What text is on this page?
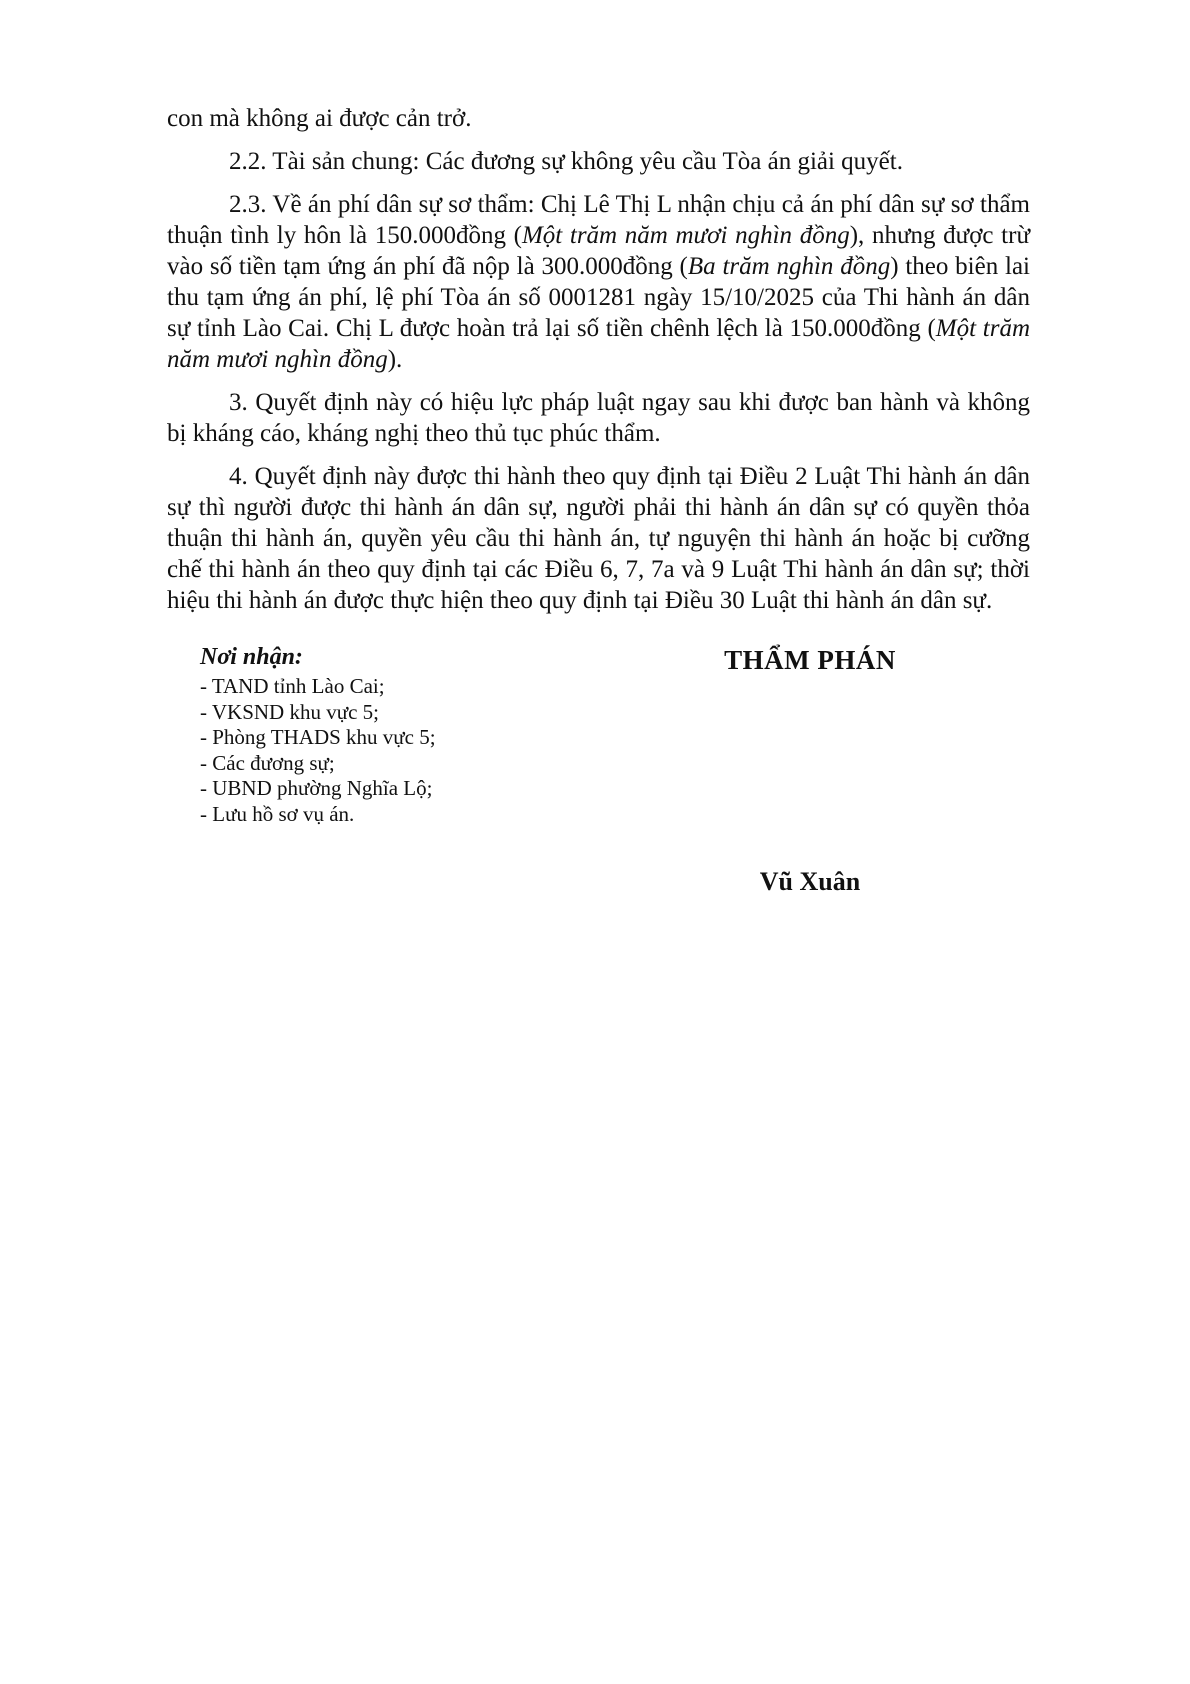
con mà không ai được cản trở.

2.2. Tài sản chung: Các đương sự không yêu cầu Tòa án giải quyết.

2.3. Về án phí dân sự sơ thẩm: Chị Lê Thị L nhận chịu cả án phí dân sự sơ thẩm thuận tình ly hôn là 150.000đồng (Một trăm năm mươi nghìn đồng), nhưng được trừ vào số tiền tạm ứng án phí đã nộp là 300.000đồng (Ba trăm nghìn đồng) theo biên lai thu tạm ứng án phí, lệ phí Tòa án số 0001281 ngày 15/10/2025 của Thi hành án dân sự tỉnh Lào Cai. Chị L được hoàn trả lại số tiền chênh lệch là 150.000đồng (Một trăm năm mươi nghìn đồng).

3. Quyết định này có hiệu lực pháp luật ngay sau khi được ban hành và không bị kháng cáo, kháng nghị theo thủ tục phúc thẩm.

4. Quyết định này được thi hành theo quy định tại Điều 2 Luật Thi hành án dân sự thì người được thi hành án dân sự, người phải thi hành án dân sự có quyền thỏa thuận thi hành án, quyền yêu cầu thi hành án, tự nguyện thi hành án hoặc bị cưỡng chế thi hành án theo quy định tại các Điều 6, 7, 7a và 9 Luật Thi hành án dân sự; thời hiệu thi hành án được thực hiện theo quy định tại Điều 30 Luật thi hành án dân sự.

Nơi nhận:
- TAND tỉnh Lào Cai;
- VKSND khu vực 5;
- Phòng THADS khu vực 5;
- Các đương sự;
- UBND phường Nghĩa Lộ;
- Lưu hồ sơ vụ án.
THẨM PHÁN
Vũ Xuân
